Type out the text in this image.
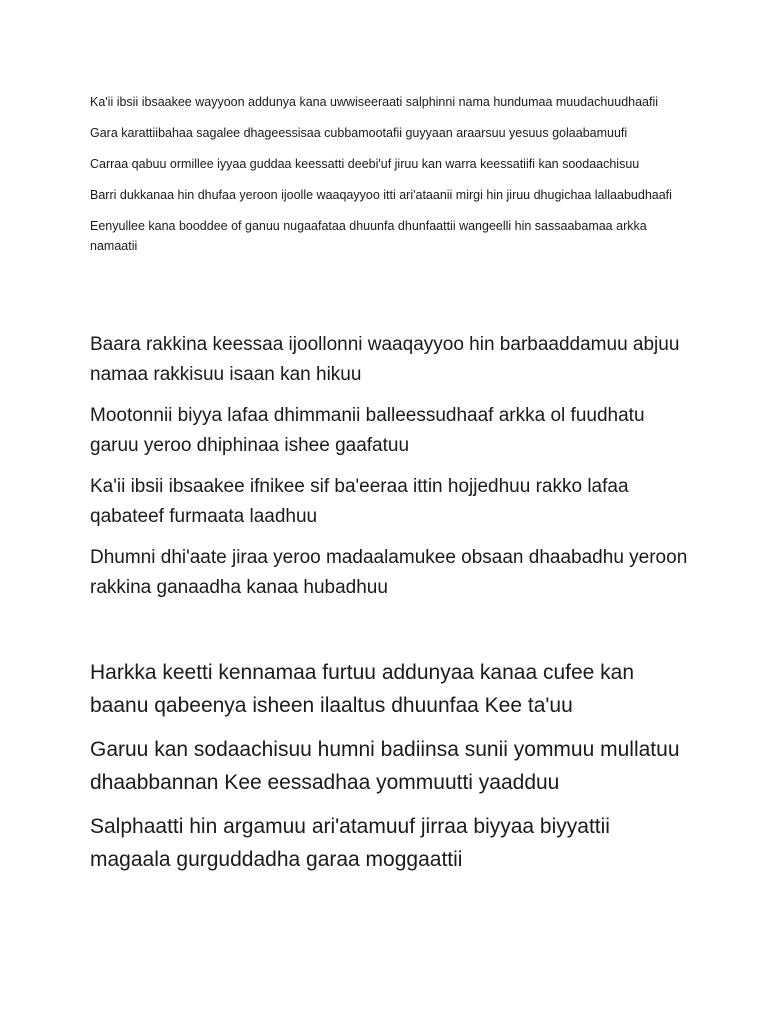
Ka'ii ibsii ibsaakee wayyoon addunya kana uwwiseeraati salphinni nama hundumaa muudachuudhaafii

Gara karattiibahaa sagalee dhageessisaa cubbamootafii guyyaan araarsuu yesuus golaabamuufi

Carraa qabuu ormillee iyyaa guddaa keessatti deebi'uf jiruu kan warra keessatiifi kan soodaachisuu

Barri dukkanaa hin dhufaa yeroon ijoolle waaqayyoo itti ari'ataanii mirgi hin jiruu dhugichaa lallaabudhaafi

Eenyullee kana booddee of ganuu nugaafataa dhuunfa dhunfaattii wangeelli hin sassaabamaa arkka namaatii

Baara rakkina keessaa ijoollonni waaqayyoo hin barbaaddamuu abjuu namaa rakkisuu isaan kan hikuu

Mootonnii biyya lafaa dhimmanii balleessudhaaf arkka ol fuudhatu garuu yeroo dhiphinaa ishee gaafatuu

Ka'ii ibsii ibsaakee ifnikee sif ba'eeraa ittin hojjedhuu rakko lafaa qabateef furmaata laadhuu

Dhumni dhi'aate jiraa yeroo madaalamukee obsaan dhaabadhu yeroon rakkina ganaadha kanaa hubadhuu

Harkka keetti kennamaa furtuu addunyaa kanaa cufee kan baanu qabeenya isheen ilaaltus dhuunfaa Kee ta'uu

Garuu kan sodaachisuu humni badiinsa sunii yommuu mullatuu dhaabbannan Kee eessadhaa yommuutti yaadduu

Salphaatti hin argamuu ari'atamuuf jirraa biyyaa biyyattii magaala gurguddadha garaa moggaattii
